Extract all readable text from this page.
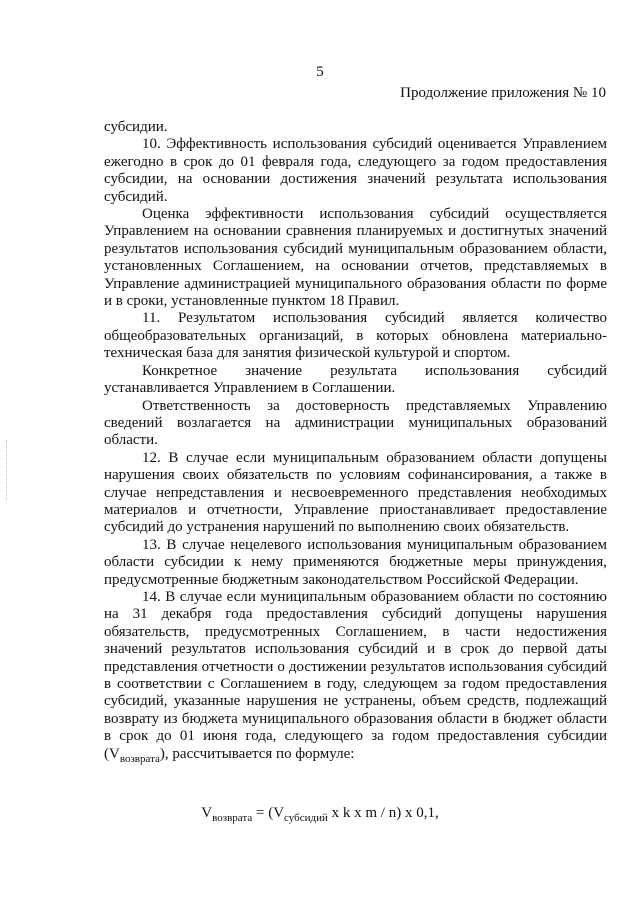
5
Продолжение приложения № 10

субсидии.

10. Эффективность использования субсидий оценивается Управлением ежегодно в срок до 01 февраля года, следующего за годом предоставления субсидии, на основании достижения значений результата использования субсидий.

Оценка эффективности использования субсидий осуществляется Управлением на основании сравнения планируемых и достигнутых значений результатов использования субсидий муниципальным образованием области, установленных Соглашением, на основании отчетов, представляемых в Управление администрацией муниципального образования области по форме и в сроки, установленные пунктом 18 Правил.

11. Результатом использования субсидий является количество общеобразовательных организаций, в которых обновлена материально-техническая база для занятия физической культурой и спортом.

Конкретное значение результата использования субсидий устанавливается Управлением в Соглашении.

Ответственность за достоверность представляемых Управлению сведений возлагается на администрации муниципальных образований области.

12. В случае если муниципальным образованием области допущены нарушения своих обязательств по условиям софинансирования, а также в случае непредставления и несвоевременного представления необходимых материалов и отчетности, Управление приостанавливает предоставление субсидий до устранения нарушений по выполнению своих обязательств.

13. В случае нецелевого использования муниципальным образованием области субсидии к нему применяются бюджетные меры принуждения, предусмотренные бюджетным законодательством Российской Федерации.

14. В случае если муниципальным образованием области по состоянию на 31 декабря года предоставления субсидий допущены нарушения обязательств, предусмотренных Соглашением, в части недостижения значений результатов использования субсидий и в срок до первой даты представления отчетности о достижении результатов использования субсидий в соответствии с Соглашением в году, следующем за годом предоставления субсидий, указанные нарушения не устранены, объем средств, подлежащий возврату из бюджета муниципального образования области в бюджет области в срок до 01 июня года, следующего за годом предоставления субсидии $(V_{возврата})$, рассчитывается по формуле:

$V_{возврата} = (V_{субсидий}$ x k x m / n) x 0,1,
